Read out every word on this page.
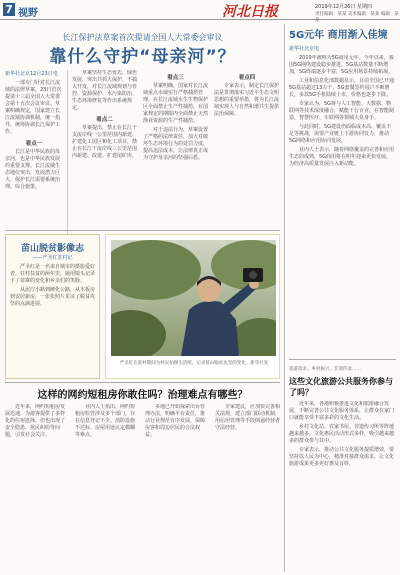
7 视野	河北日报	2019年12月26日 星期四
责任编辑：某某 美术编辑：某某 编辑：某某
长江保护法草案首次提请全国人大常委会审议
靠什么守护“母亲河”？
新华社北京12月23日电
一部专门针对长江流域的法律草案，23日首次提请十三届全国人大常委会第十五次会议审议。草案明确规定，国家建立长江流域协调机制，统一指导、统筹协调长江保护工作。
看点一
长江是中华民族的母亲河，也是中华民族发展的重要支撑。长江流域生态地位突出、发展潜力巨大，保护长江需要系统治理、综合施策。
草案坚持生态优先、绿色发展，突出共抓大保护、不搞大开发，对长江流域规划与管控、资源保护、水污染防治、生态环境修复等作出系统规定。
看点二
草案提出，禁止在长江干支流岸线一公里范围内新建、扩建化工园区和化工项目，禁止在长江干流岸线三公里范围内新建、改建、扩建尾矿库。
看点三
草案明确，国家对长江流域重点水域实行严格捕捞管理，在长江流域水生生物保护区全面禁止生产性捕捞，在国家规定的期限内全面禁止天然渔业资源的生产性捕捞。
对于违法行为，草案设置了严格的法律责任，加大对破坏生态环境行为的处罚力度，提高违法成本，让法律真正成为守护母亲河的坚强后盾。
看点四
专家表示，制定长江保护法是贯彻落实习近平生态文明思想的重要举措，将为长江流域实现人与自然和谐共生提供法治保障。
苗山脱贫影像志
——严圣红驻村记
严圣红是一名来自城市的摄影爱好者，驻村扶贫的两年里，她用镜头记录下了苗寨的变化和乡亲们的笑脸。
从泥泞小路到硬化公路，从木板房到安居新房，一张张照片见证了脱贫攻坚的点滴进展。
严圣红在驻村期间为村民拍摄生活照，记录苗山脱贫攻坚的变化。新华社发
这样的网约短租房你敢住吗？治理难点有哪些？
近年来，网约短租房发展迅速，为游客提供了多样化的住宿选择，但也出现了安全隐患、扰民纠纷等问题，引发社会关注。
业内人士指出，网约短租房监管涉及多个部门，存在信息登记不全、消防设施不达标、房屋用途认定模糊等难点。
多地已开始探索出台管理办法，明确平台责任，推动行业规范有序发展，保障房客和周边居民的合法权益。
专家建议，应加快完善相关法规，建立部门联动机制，用信用管理等手段倒逼经营者守法经营。
5G元年 商用渐入佳境
新华社北京电
2019年被称为5G商用元年。今年以来，我国5G网络建设稳步推进，5G基站数量不断增加，5G终端逐步丰富，5G应用场景持续拓展。
工业和信息化部数据显示，目前全国已开通5G基站超过13万个，5G套餐签约用户不断增长，多款5G手机陆续上市，价格也逐步下降。
专家认为，5G将与人工智能、大数据、物联网等技术深度融合，赋能千行百业，在智能制造、智慧医疗、车联网等领域大显身手。
与此同时，5G建设仍面临成本高、覆盖不足等挑战，需要产业链上下游协同发力，推动5G网络和应用协同发展。
业内人士表示，随着网络覆盖的完善和应用生态的成熟，5G商用将在明年迎来更快发展，为经济高质量发展注入新动能。
旅游需求、乡村振兴、非遗传承……
这些文化旅游公共服务你参与了吗？
近年来，各地积极推进文化和旅游融合发展，不断完善公共文化服务体系，让群众在家门口就能享受丰富多彩的文化生活。
乡村文化站、农家书屋、非遗传习所等阵地越来越多，文化惠民活动形式多样，吸引越来越多的群众参与其中。
专家表示，推动公共文化服务提质增效，要坚持以人民为中心，精准对接群众需求，让文化旅游成果更多更好惠及百姓。
